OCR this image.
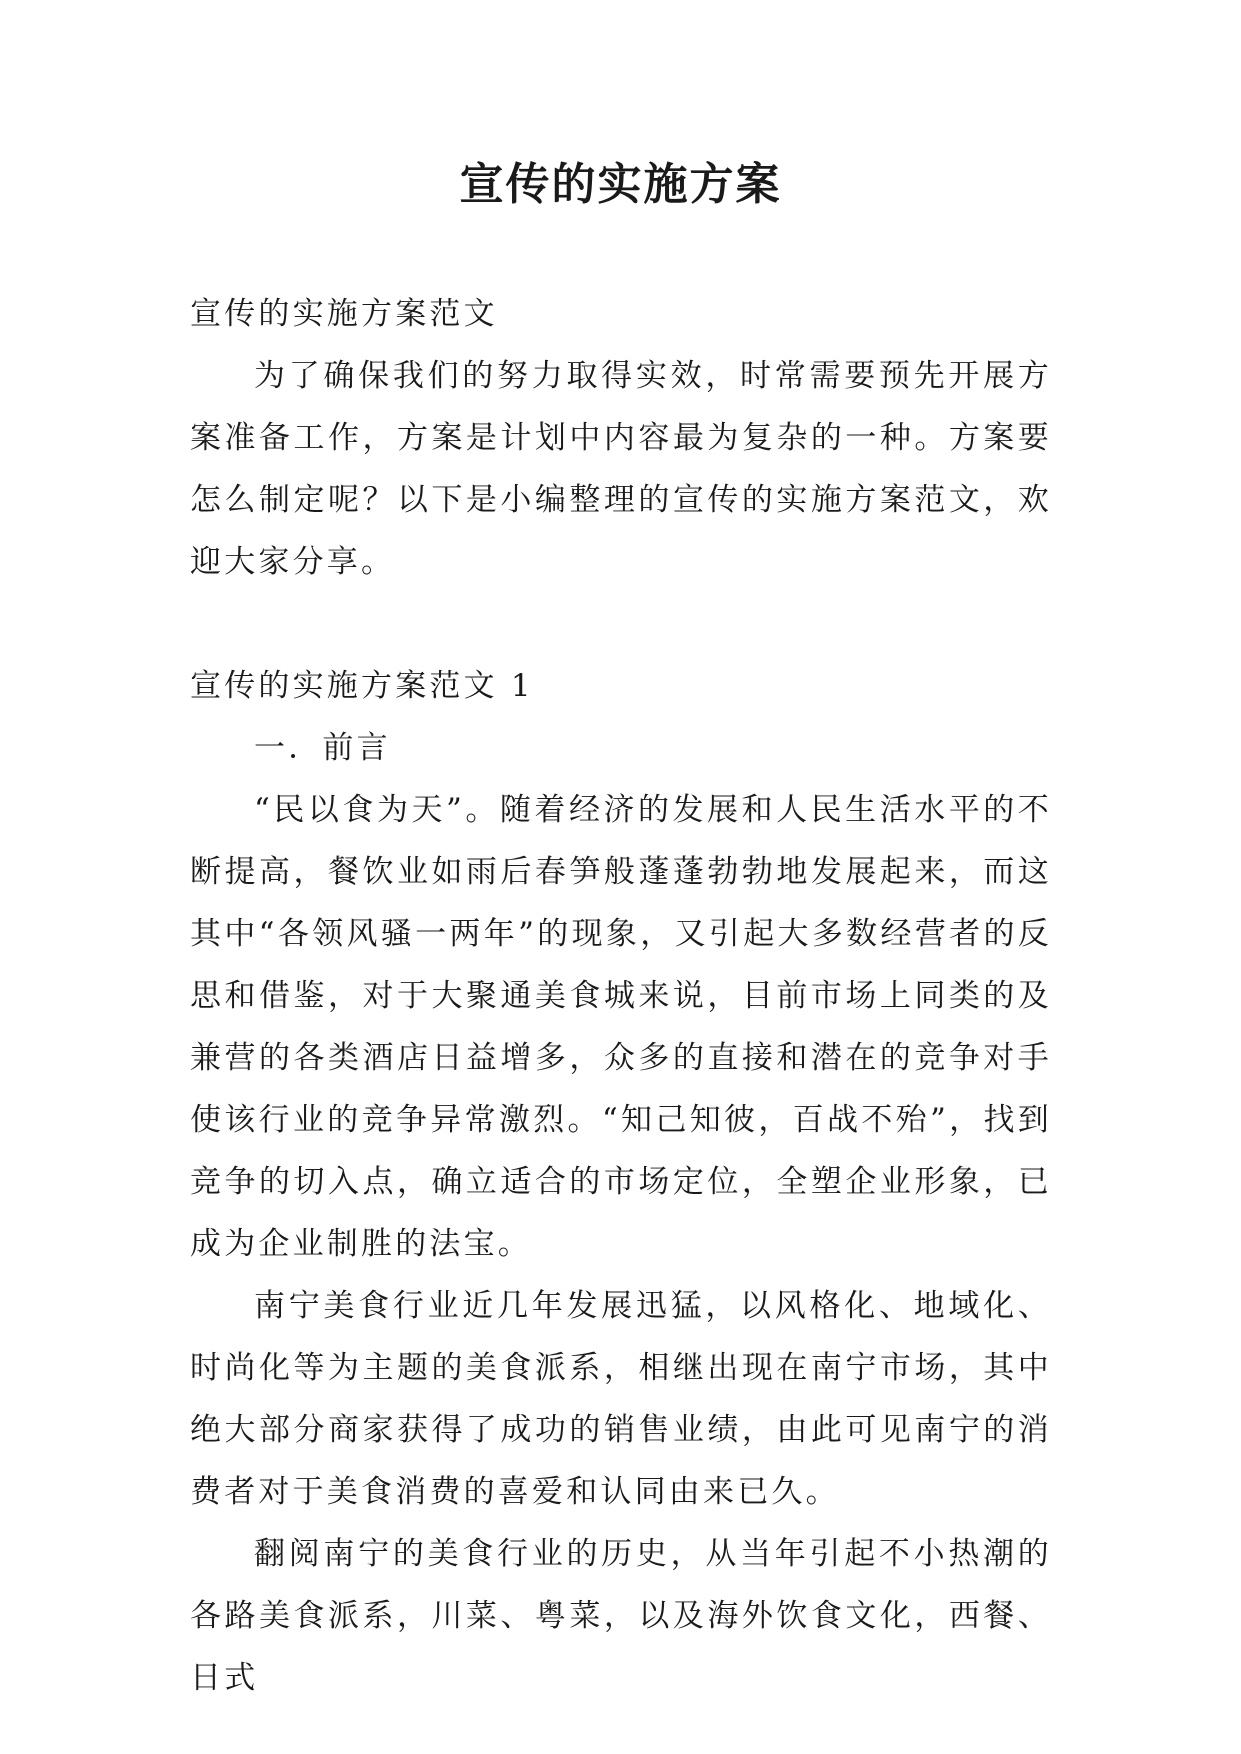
宣传的实施方案

宣传的实施方案范文

为了确保我们的努力取得实效，时常需要预先开展方案准备工作，方案是计划中内容最为复杂的一种。方案要怎么制定呢？以下是小编整理的宣传的实施方案范文，欢迎大家分享。

宣传的实施方案范文 1

一．前言

“民以食为天”。随着经济的发展和人民生活水平的不断提高，餐饮业如雨后春笋般蓬蓬勃勃地发展起来，而这其中“各领风骚一两年”的现象，又引起大多数经营者的反思和借鉴，对于大聚通美食城来说，目前市场上同类的及兼营的各类酒店日益增多，众多的直接和潜在的竞争对手使该行业的竞争异常激烈。“知己知彼，百战不殆”，找到竞争的切入点，确立适合的市场定位，全塑企业形象，已成为企业制胜的法宝。

南宁美食行业近几年发展迅猛，以风格化、地域化、时尚化等为主题的美食派系，相继出现在南宁市场，其中绝大部分商家获得了成功的销售业绩，由此可见南宁的消费者对于美食消费的喜爱和认同由来已久。

翻阅南宁的美食行业的历史，从当年引起不小热潮的各路美食派系，川菜、粤菜，以及海外饮食文化，西餐、日式
